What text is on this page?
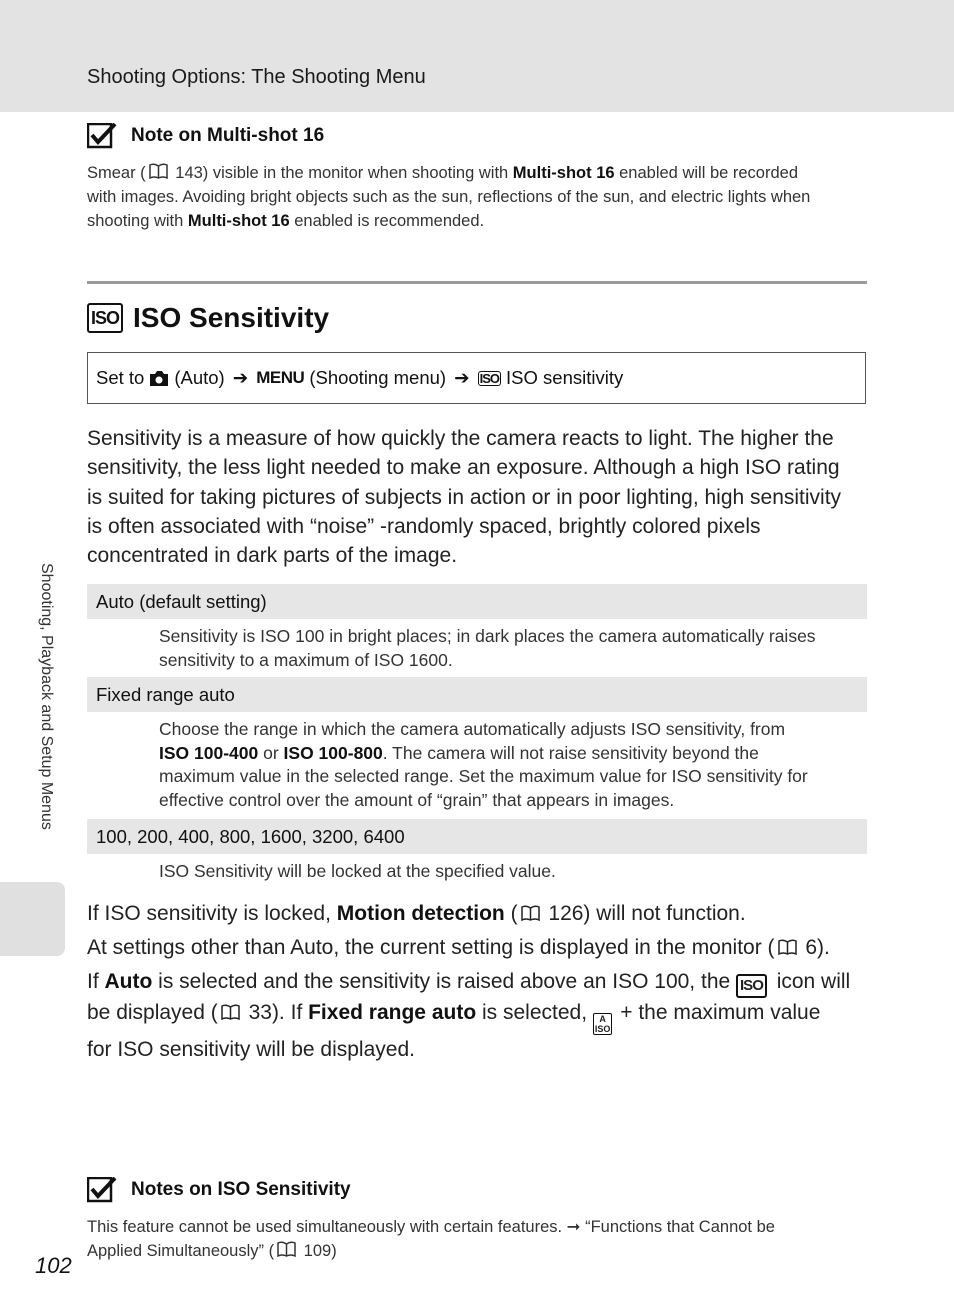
Shooting Options: The Shooting Menu
Note on Multi-shot 16
Smear ( 143) visible in the monitor when shooting with Multi-shot 16 enabled will be recorded
with images. Avoiding bright objects such as the sun, reflections of the sun, and electric lights when
shooting with Multi-shot 16 enabled is recommended.
ISO ISO Sensitivity
Set to (Auto) ➔ MENU (Shooting menu) ➔ ISO ISO sensitivity
Sensitivity is a measure of how quickly the camera reacts to light. The higher the
sensitivity, the less light needed to make an exposure. Although a high ISO rating
is suited for taking pictures of subjects in action or in poor lighting, high sensitivity
is often associated with “noise” -randomly spaced, brightly colored pixels
concentrated in dark parts of the image.
Auto (default setting)
Sensitivity is ISO 100 in bright places; in dark places the camera automatically raises
sensitivity to a maximum of ISO 1600.
Fixed range auto
Choose the range in which the camera automatically adjusts ISO sensitivity, from
ISO 100-400 or ISO 100-800. The camera will not raise sensitivity beyond the
maximum value in the selected range. Set the maximum value for ISO sensitivity for
effective control over the amount of “grain” that appears in images.
100, 200, 400, 800, 1600, 3200, 6400
ISO Sensitivity will be locked at the specified value.
If ISO sensitivity is locked, Motion detection ( 126) will not function.
At settings other than Auto, the current setting is displayed in the monitor ( 6).
If Auto is selected and the sensitivity is raised above an ISO 100, the ISO icon will
be displayed ( 33). If Fixed range auto is selected, A
ISO
+ the maximum value
for ISO sensitivity will be displayed.
Notes on ISO Sensitivity
This feature cannot be used simultaneously with certain features. ➞ “Functions that Cannot be
Applied Simultaneously” ( 109)
Shooting, Playback and Setup Menus
102
